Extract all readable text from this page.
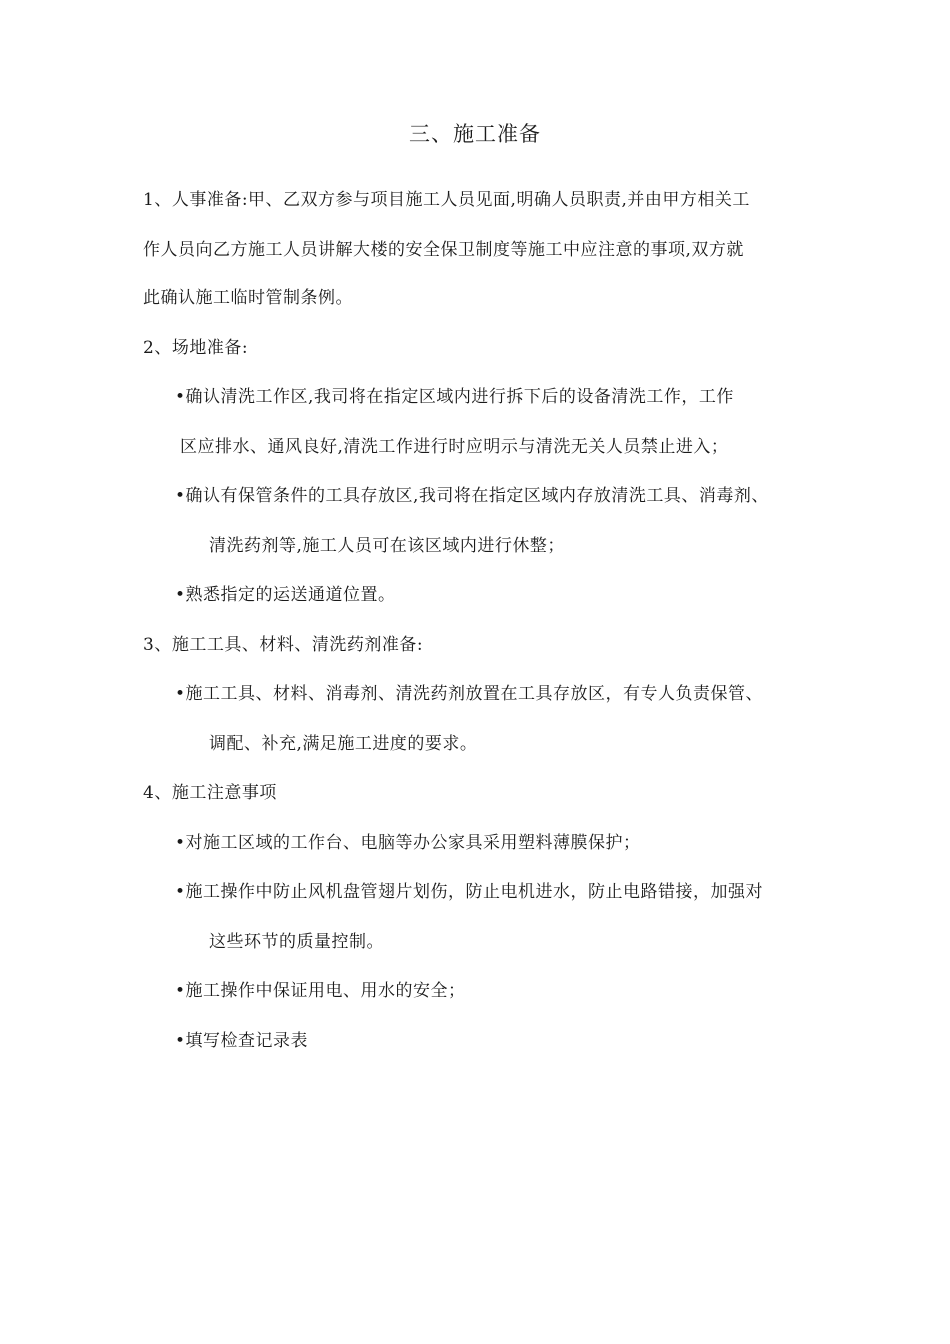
三、施工准备
1、人事准备:甲、乙双方参与项目施工人员见面,明确人员职责,并由甲方相关工
作人员向乙方施工人员讲解大楼的安全保卫制度等施工中应注意的事项,双方就
此确认施工临时管制条例。
2、场地准备:
•确认清洗工作区,我司将在指定区域内进行拆下后的设备清洗工作，工作
区应排水、通风良好,清洗工作进行时应明示与清洗无关人员禁止进入；
•确认有保管条件的工具存放区,我司将在指定区域内存放清洗工具、消毒剂、
清洗药剂等,施工人员可在该区域内进行休整；
•熟悉指定的运送通道位置。
3、施工工具、材料、清洗药剂准备:
•施工工具、材料、消毒剂、清洗药剂放置在工具存放区，有专人负责保管、
调配、补充,满足施工进度的要求。
4、施工注意事项
•对施工区域的工作台、电脑等办公家具采用塑料薄膜保护；
•施工操作中防止风机盘管翅片划伤，防止电机进水，防止电路错接，加强对
这些环节的质量控制。
•施工操作中保证用电、用水的安全；
•填写检查记录表
